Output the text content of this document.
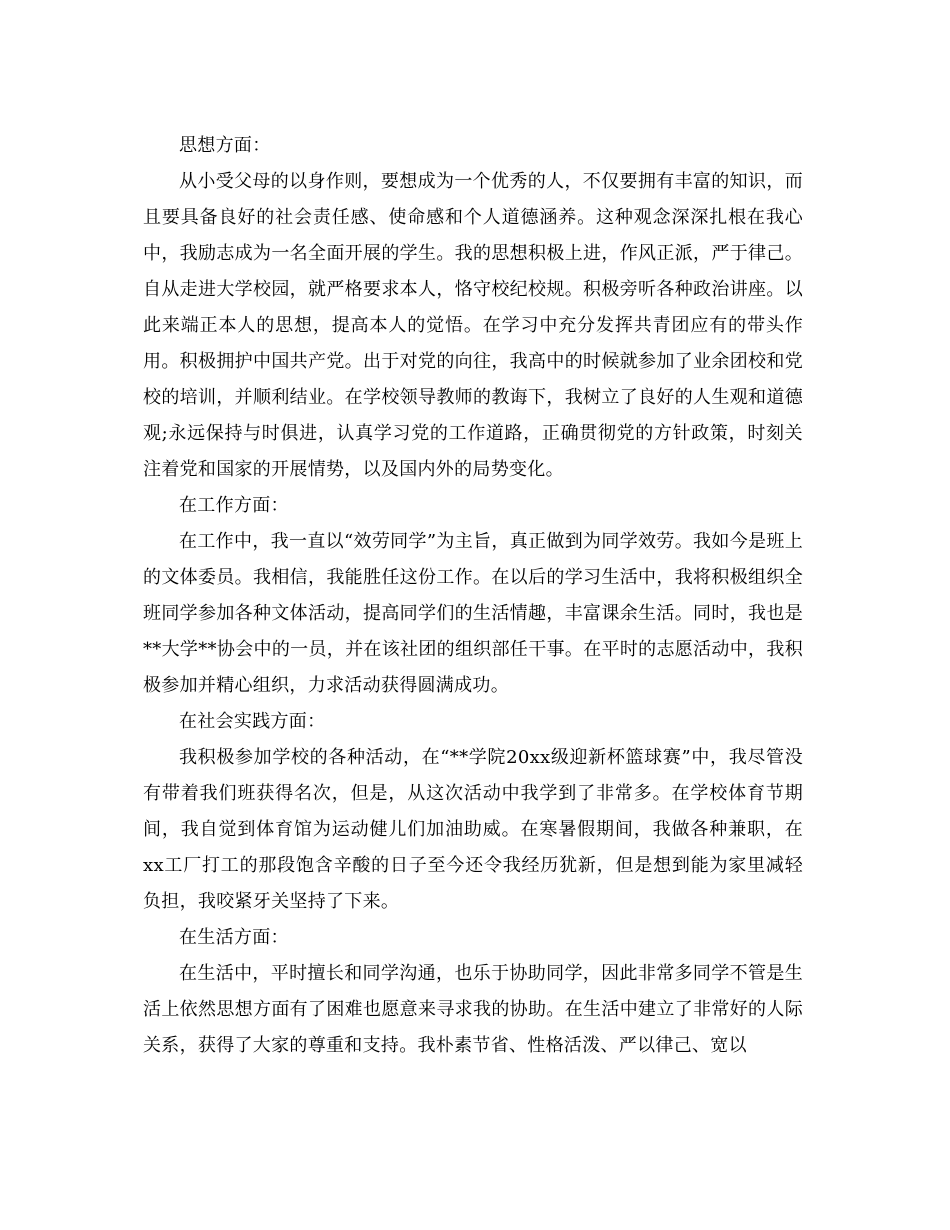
思想方面：

从小受父母的以身作则，要想成为一个优秀的人，不仅要拥有丰富的知识，而且要具备良好的社会责任感、使命感和个人道德涵养。这种观念深深扎根在我心中，我励志成为一名全面开展的学生。我的思想积极上进，作风正派，严于律己。自从走进大学校园，就严格要求本人，恪守校纪校规。积极旁听各种政治讲座。以此来端正本人的思想，提高本人的觉悟。在学习中充分发挥共青团应有的带头作用。积极拥护中国共产党。出于对党的向往，我高中的时候就参加了业余团校和党校的培训，并顺利结业。在学校领导教师的教诲下，我树立了良好的人生观和道德观;永远保持与时俱进，认真学习党的工作道路，正确贯彻党的方针政策，时刻关注着党和国家的开展情势，以及国内外的局势变化。

在工作方面：

在工作中，我一直以“效劳同学”为主旨，真正做到为同学效劳。我如今是班上的文体委员。我相信，我能胜任这份工作。在以后的学习生活中，我将积极组织全班同学参加各种文体活动，提高同学们的生活情趣，丰富课余生活。同时，我也是**大学**协会中的一员，并在该社团的组织部任干事。在平时的志愿活动中，我积极参加并精心组织，力求活动获得圆满成功。

在社会实践方面：

我积极参加学校的各种活动，在“**学院20xx级迎新杯篮球赛”中，我尽管没有带着我们班获得名次，但是，从这次活动中我学到了非常多。在学校体育节期间，我自觉到体育馆为运动健儿们加油助威。在寒暑假期间，我做各种兼职，在xx工厂打工的那段饱含辛酸的日子至今还令我经历犹新，但是想到能为家里减轻负担，我咬紧牙关坚持了下来。

在生活方面：

在生活中，平时擅长和同学沟通，也乐于协助同学，因此非常多同学不管是生活上依然思想方面有了困难也愿意来寻求我的协助。在生活中建立了非常好的人际关系，获得了大家的尊重和支持。我朴素节省、性格活泼、严以律己、宽以
